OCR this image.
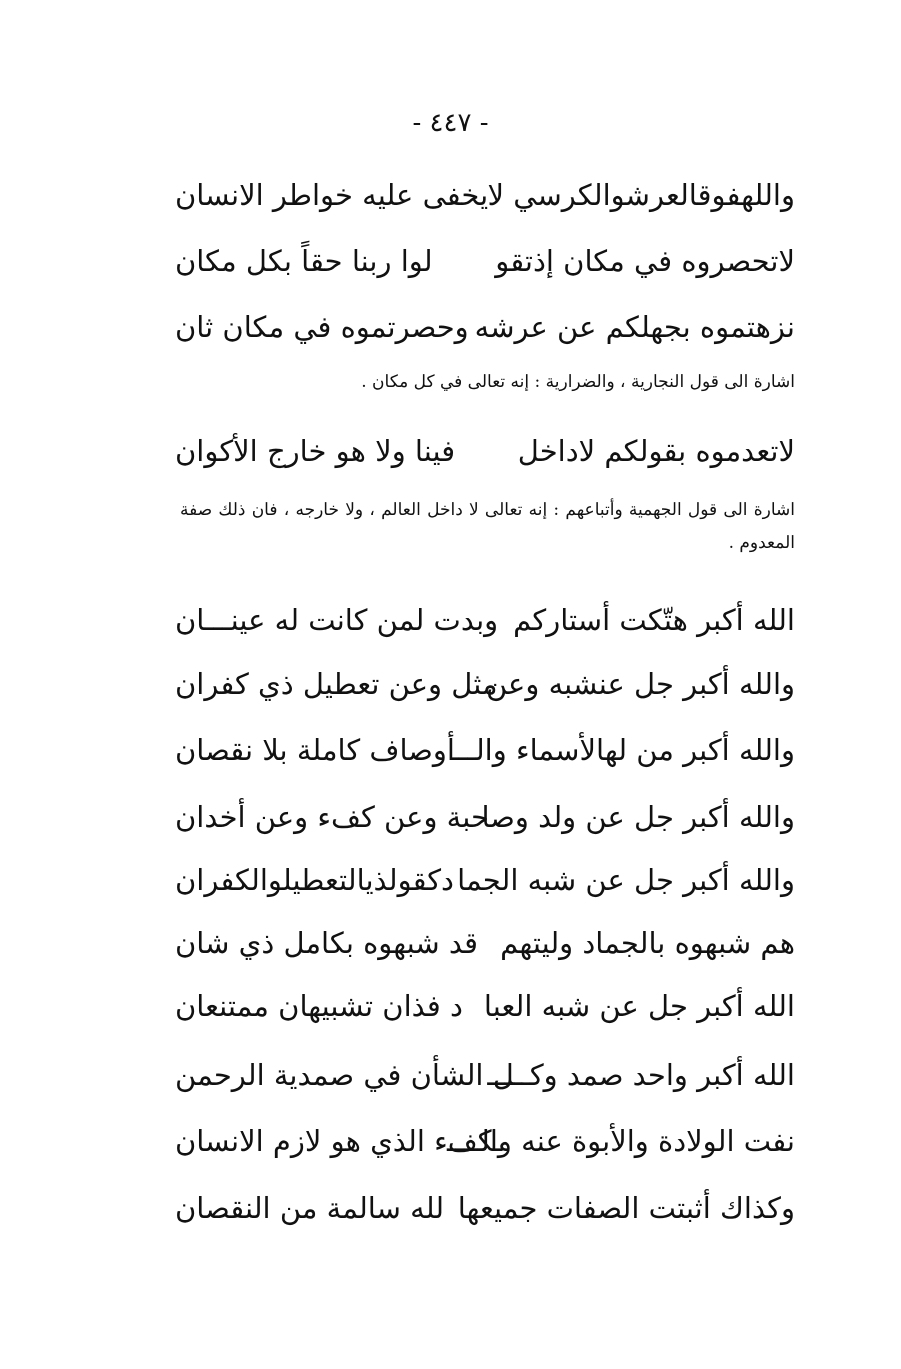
- ٤٤٧ -
واللهفوقالعرشوالكرسي لا
يخفى عليه خواطر الانسان
لاتحصروه في مكان إذتقو
لوا ربنا حقاً بكل مكان
نزهتموه بجهلكم عن عرشه
وحصرتموه في مكان ثان
اشارة الى قول النجارية ، والضرارية : إنه تعالى في كل مكان .
لاتعدموه بقولكم لاداخل
فينا ولا هو خارج الأكوان
اشارة الى قول الجهمية وأتباعهم : إنه تعالى لا داخل العالم ، ولا خارجه ، فان ذلك صفة المعدوم .
الله أكبر هتّكت أستاركم
وبدت لمن كانت له عينـــان
والله أكبر جل عنشبه وعن
مثل وعن تعطيل ذي كفران
والله أكبر من لهالأسماء والـــ
أوصاف كاملة بلا نقصان
والله أكبر جل عن ولد وصا
حبة وعن كفء وعن أخدان
والله أكبر جل عن شبه الجما
دكقولذيالتعطيلوالكفران
هم شبهوه بالجماد وليتهم
قد شبهوه بكامل ذي شان
الله أكبر جل عن شبه العبا
د فذان تشبيهان ممتنعان
الله أكبر واحد صمد وكـــــ
ـل الشأن في صمدية الرحمن
نفت الولادة والأبوة عنه والــــ
ـكفء الذي هو لازم الانسان
وكذاك أثبتت الصفات جميعها
لله سالمة من النقصان
